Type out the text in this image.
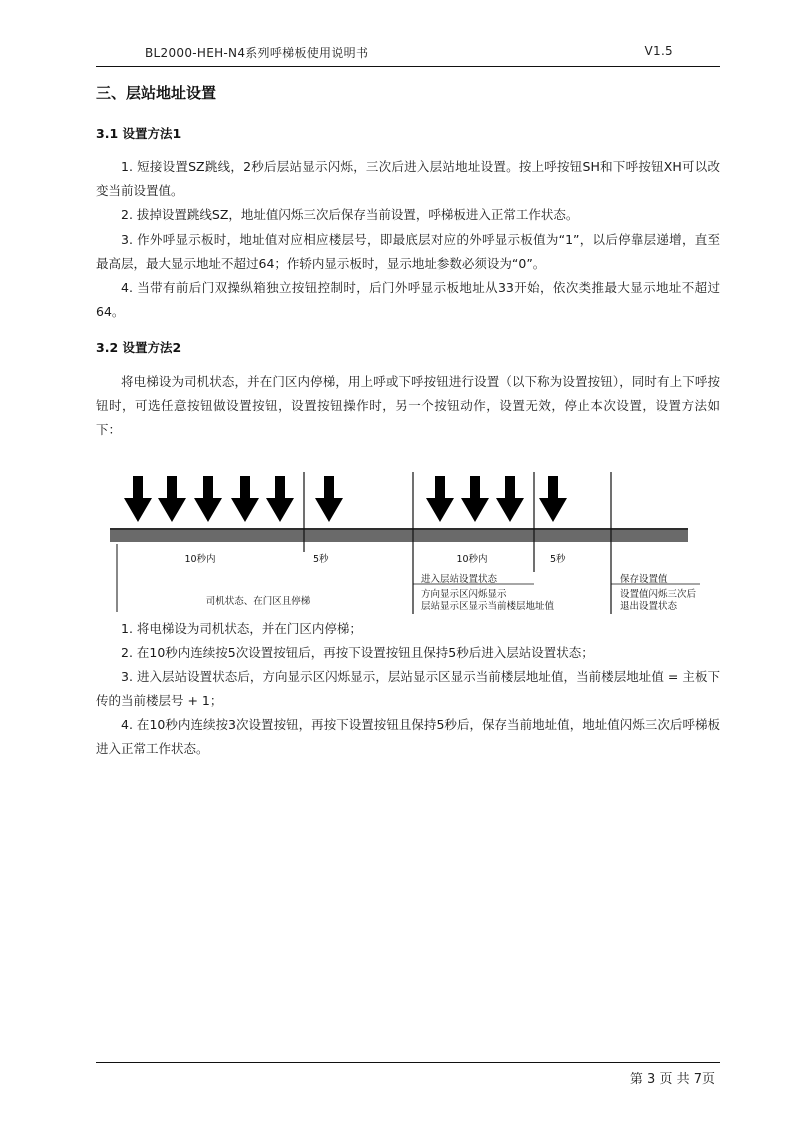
BL2000-HEH-N4系列呼梯板使用说明书	V1.5
三、层站地址设置
3.1 设置方法1
1. 短接设置SZ跳线，2秒后层站显示闪烁，三次后进入层站地址设置。按上呼按钮SH和下呼按钮XH可以改变当前设置值。
2. 拔掉设置跳线SZ，地址值闪烁三次后保存当前设置，呼梯板进入正常工作状态。
3. 作外呼显示板时，地址值对应相应楼层号，即最底层对应的外呼显示板值为“1”，以后停靠层递增，直至最高层，最大显示地址不超过64；作轿内显示板时，显示地址参数必须设为“0”。
4. 当带有前后门双操纵箱独立按钮控制时，后门外呼显示板地址从33开始，依次类推最大显示地址不超过64。
3.2 设置方法2
将电梯设为司机状态，并在门区内停梯，用上呼或下呼按钮进行设置（以下称为设置按钮），同时有上下呼按钮时，可选任意按钮做设置按钮，设置按钮操作时，另一个按钮动作，设置无效，停止本次设置，设置方法如下：
10秒内	5秒	10秒内	5秒
司机状态、在门区且停梯
进入层站设置状态
方向显示区闪烁显示
层站显示区显示当前楼层地址值
保存设置值
设置值闪烁三次后
退出设置状态
1. 将电梯设为司机状态，并在门区内停梯；
2. 在10秒内连续按5次设置按钮后，再按下设置按钮且保持5秒后进入层站设置状态；
3. 进入层站设置状态后，方向显示区闪烁显示，层站显示区显示当前楼层地址值，当前楼层地址值 = 主板下传的当前楼层号 + 1；
4. 在10秒内连续按3次设置按钮，再按下设置按钮且保持5秒后，保存当前地址值，地址值闪烁三次后呼梯板进入正常工作状态。
第 3 页 共 7页
